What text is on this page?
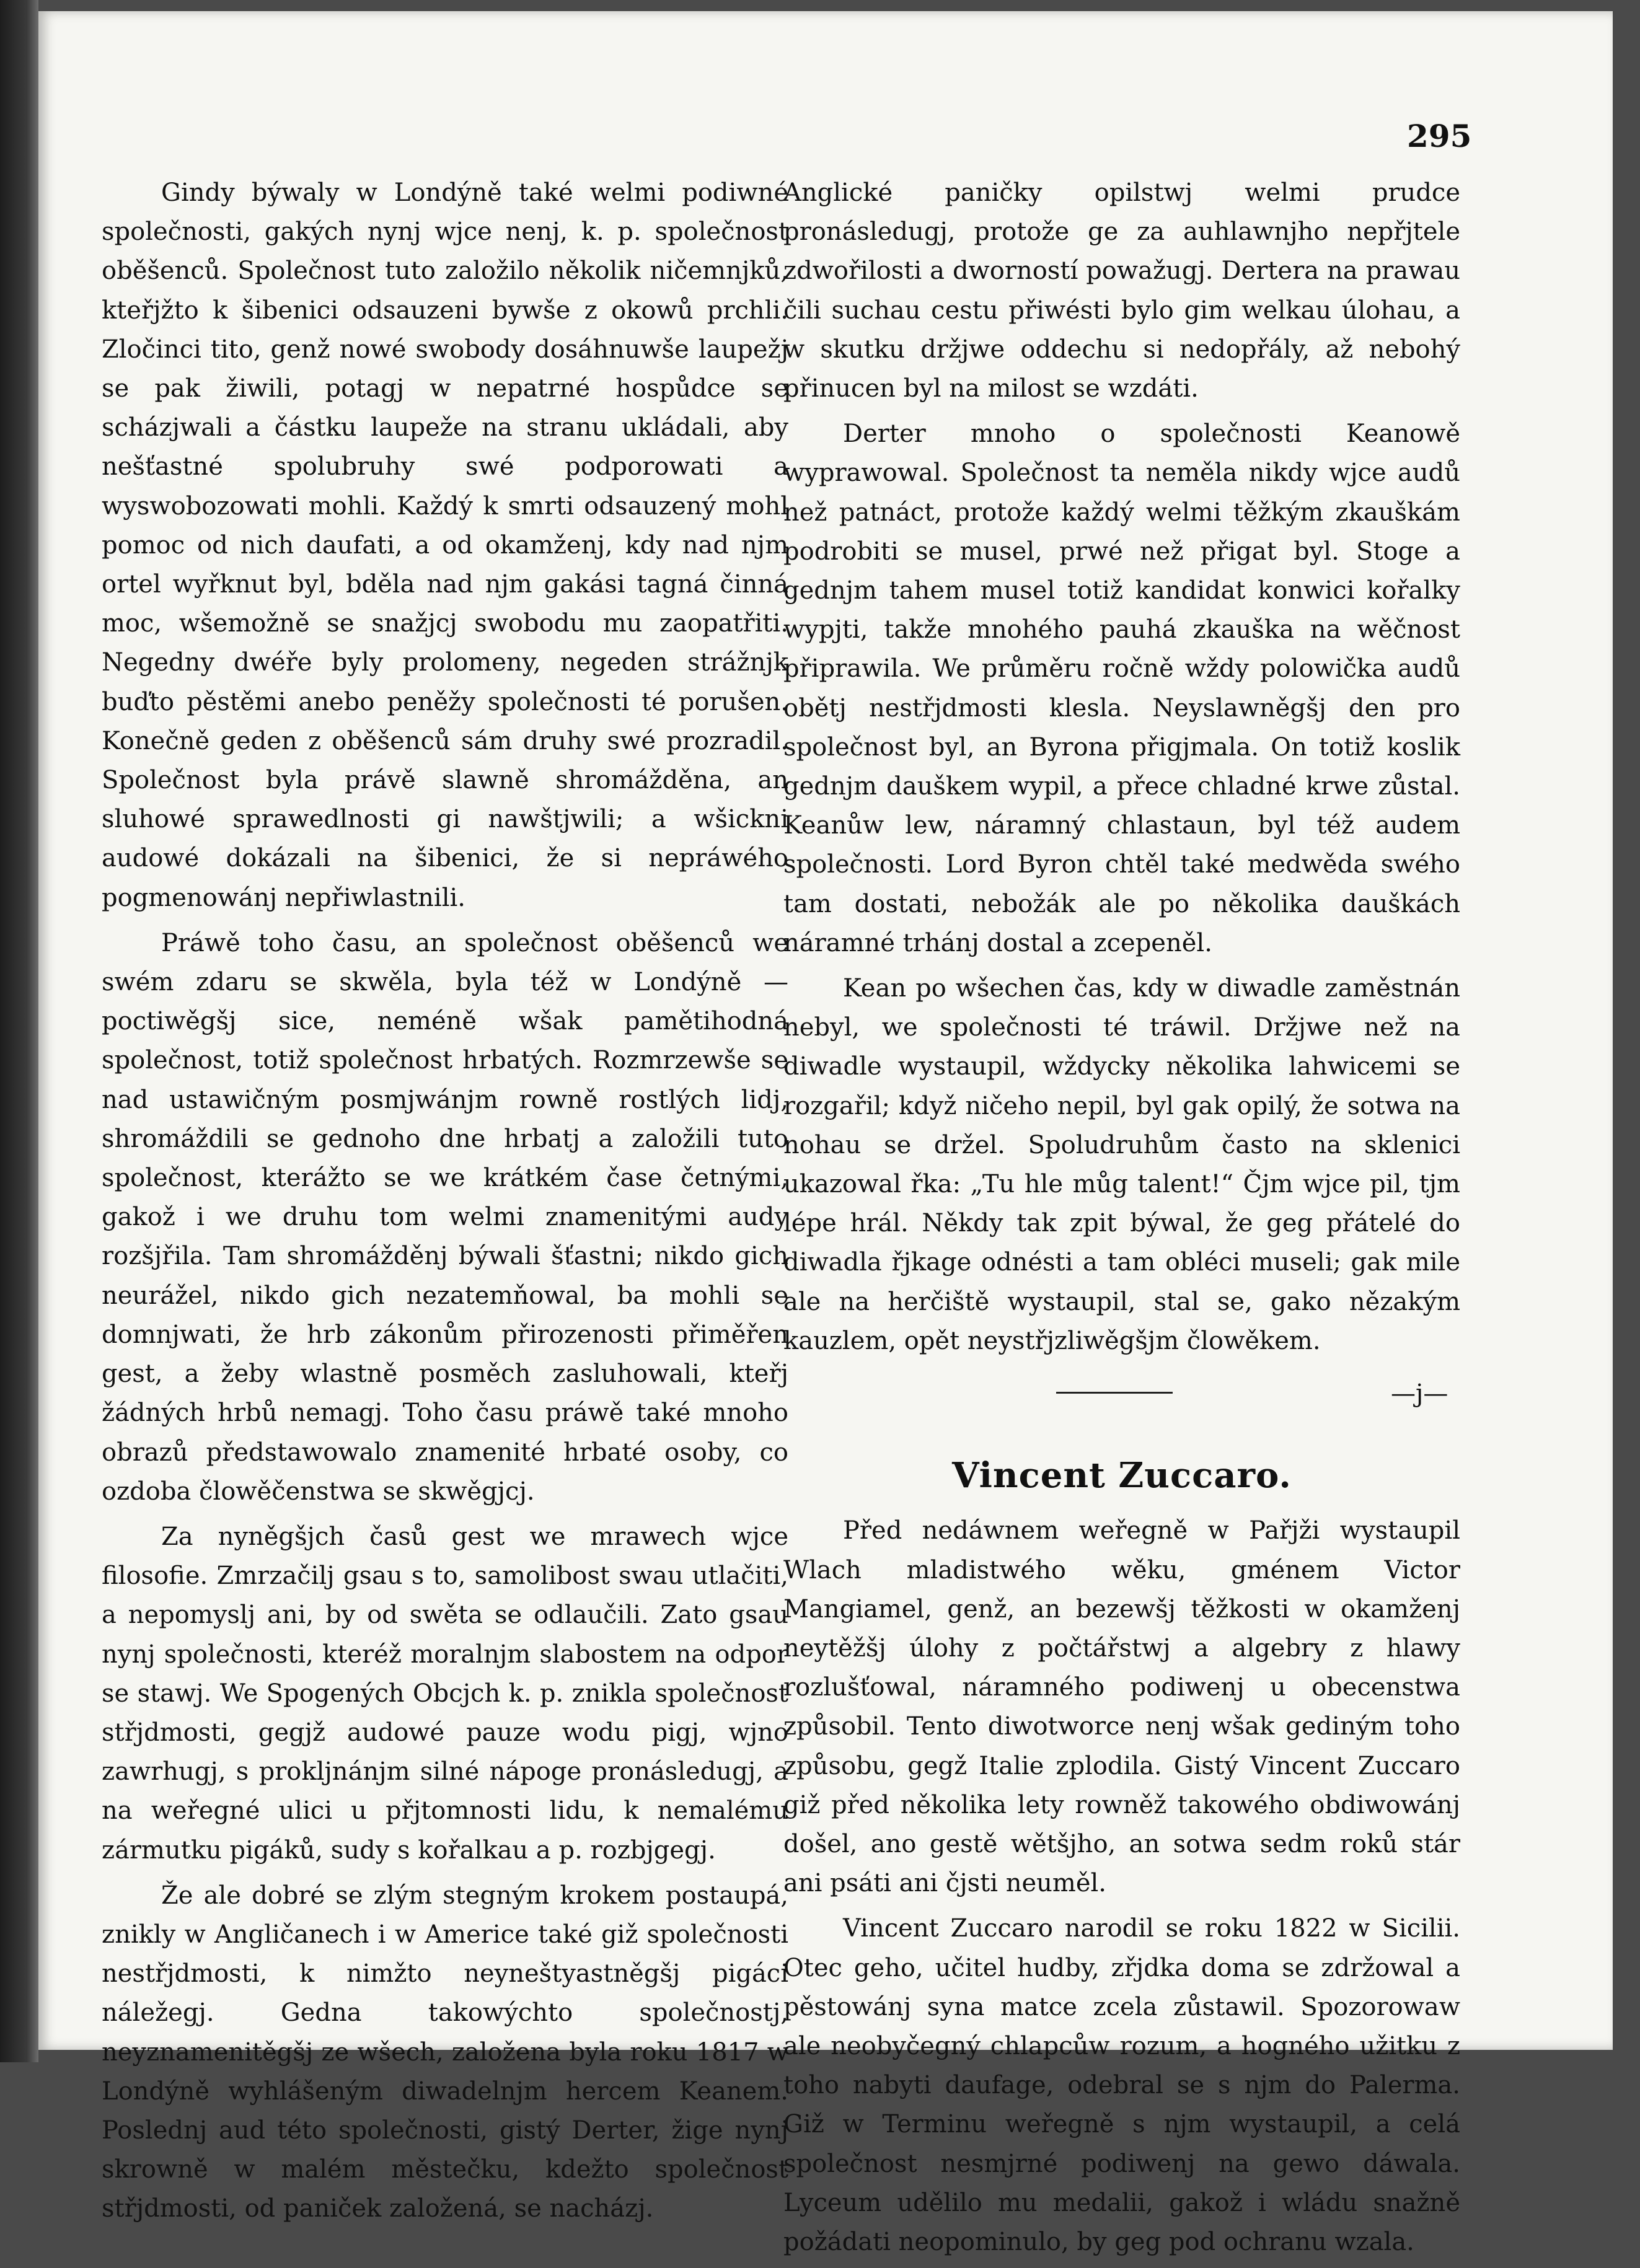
295

Gindy býwaly w Londýně také welmi podiwné společnosti, gakých nynj wjce nenj, k. p. společnost oběšenců. Společnost tuto založilo několik ničemnjků, kteřjžto k šibenici odsauzeni bywše z okowů prchli. Zločinci tito, genž nowé swobody dosáhnuwše laupežj se pak žiwili, potagj w nepatrné hospůdce se scházjwali a částku laupeže na stranu ukládali, aby nešťastné spolubruhy swé podporowati a wyswobozowati mohli. Každý k smrti odsauzený mohl pomoc od nich daufati, a od okamženj, kdy nad njm ortel wyřknut byl, bděla nad njm gakási tagná činná moc, wšemožně se snažjcj swobodu mu zaopatřiti. Negedny dwéře byly prolomeny, negeden strážnjk buďto pěstěmi anebo peněžy společnosti té porušen. Konečně geden z oběšenců sám druhy swé prozradil. Společnost byla právě slawně shromážděna, an sluhowé sprawedlnosti gi nawštjwili; a wšickni audowé dokázali na šibenici, že si nepráwého pogmenowánj nepřiwlastnili.

Práwě toho času, an společnost oběšenců we swém zdaru se skwěla, byla též w Londýně — poctiwěgšj sice, neméně wšak pamětihodná společnost, totiž společnost hrbatých. Rozmrzewše se nad ustawičným posmjwánjm rowně rostlých lidj, shromáždili se gednoho dne hrbatj a založili tuto společnost, kterážto se we krátkém čase četnými, gakož i we druhu tom welmi znamenitými audy rozšjřila. Tam shromážděnj býwali šťastni; nikdo gich neurážel, nikdo gich nezatemňowal, ba mohli se domnjwati, že hrb zákonům přirozenosti přiměřen gest, a žeby wlastně posměch zasluhowali, kteřj žádných hrbů nemagj. Toho času práwě také mnoho obrazů předstawowalo znamenité hrbaté osoby, co ozdoba člowěčenstwa se skwěgjcj.

Za nyněgšjch časů gest we mrawech wjce filosofie. Zmrzačilj gsau s to, samolibost swau utlačiti, a nepomyslj ani, by od swěta se odlaučili. Zato gsau nynj společnosti, kteréž moralnjm slabostem na odpor se stawj. We Spogených Obcjch k. p. znikla společnost střjdmosti, gegjž audowé pauze wodu pigj, wjno zawrhugj, s prokljnánjm silné nápoge pronásledugj, a na weřegné ulici u přjtomnosti lidu, k nemalému zármutku pigáků, sudy s kořalkau a p. rozbjgegj.

Že ale dobré se zlým stegným krokem postaupá, znikly w Angličanech i w Americe také giž společnosti nestřjdmosti, k nimžto neyneštyastněgšj pigáci náležegj. Gedna takowýchto společnostj, neyznamenitěgšj ze wšech, založena byla roku 1817 w Londýně wyhlášeným diwadelnjm hercem Keanem. Poslednj aud této společnosti, gistý Derter, žige nynj skrowně w malém městečku, kdežto společnost střjdmosti, od paniček založená, se nacházj.

Anglické paničky opilstwj welmi prudce pronásledugj, protože ge za auhlawnjho nepřjtele zdwořilosti a dworností powažugj. Dertera na prawau čili suchau cestu přiwésti bylo gim welkau úlohau, a w skutku držjwe oddechu si nedopřály, až nebohý přinucen byl na milost se wzdáti.

Derter mnoho o společnosti Keanowě wyprawowal. Společnost ta neměla nikdy wjce audů než patnáct, protože každý welmi těžkým zkauškám podrobiti se musel, prwé než přigat byl. Stoge a gednjm tahem musel totiž kandidat konwici kořalky wypjti, takže mnohého pauhá zkauška na wěčnost připrawila. We průměru ročně wždy polowička audů obětj nestřjdmosti klesla. Neyslawněgšj den pro společnost byl, an Byrona přigjmala. On totiž koslik gednjm dauškem wypil, a přece chladné krwe zůstal. Keanůw lew, náramný chlastaun, byl též audem společnosti. Lord Byron chtěl také medwěda swého tam dostati, nebožák ale po několika dauškách náramné trhánj dostal a zcepeněl.

Kean po wšechen čas, kdy w diwadle zaměstnán nebyl, we společnosti té tráwil. Držjwe než na diwadle wystaupil, wždycky několika lahwicemi se rozgařil; když ničeho nepil, byl gak opilý, že sotwa na nohau se držel. Spoludruhům často na sklenici ukazowal řka: „Tu hle můg talent!“ Čjm wjce pil, tjm lépe hrál. Někdy tak zpit býwal, že geg přátelé do diwadla řjkage odnésti a tam obléci museli; gak mile ale na herčiště wystaupil, stal se, gako nězakým kauzlem, opět neystřjzliwěgšjm člowěkem.

—j—
Vincent Zuccaro.

Před nedáwnem weřegně w Pařjži wystaupil Wlach mladistwého wěku, gménem Victor Mangiamel, genž, an bezewšj těžkosti w okamženj neytěžšj úlohy z počtářstwj a algebry z hlawy rozlušťowal, náramného podiwenj u obecenstwa způsobil. Tento diwotworce nenj wšak gediným toho způsobu, gegž Italie zplodila. Gistý Vincent Zuccaro giž před několika lety rowněž takowého obdiwowánj došel, ano gestě wětšjho, an sotwa sedm roků stár ani psáti ani čjsti neuměl.

Vincent Zuccaro narodil se roku 1822 w Sicilii. Otec geho, učitel hudby, zřjdka doma se zdržowal a pěstowánj syna matce zcela zůstawil. Spozorowaw ale neobyčegný chlapcůw rozum, a hogného užitku z toho nabyti daufage, odebral se s njm do Palerma. Giž w Terminu weřegně s njm wystaupil, a celá společnost nesmjrné podiwenj na gewo dáwala. Lyceum udělilo mu medalii, gakož i wládu snažně požádati neopominulo, by geg pod ochranu wzala.
